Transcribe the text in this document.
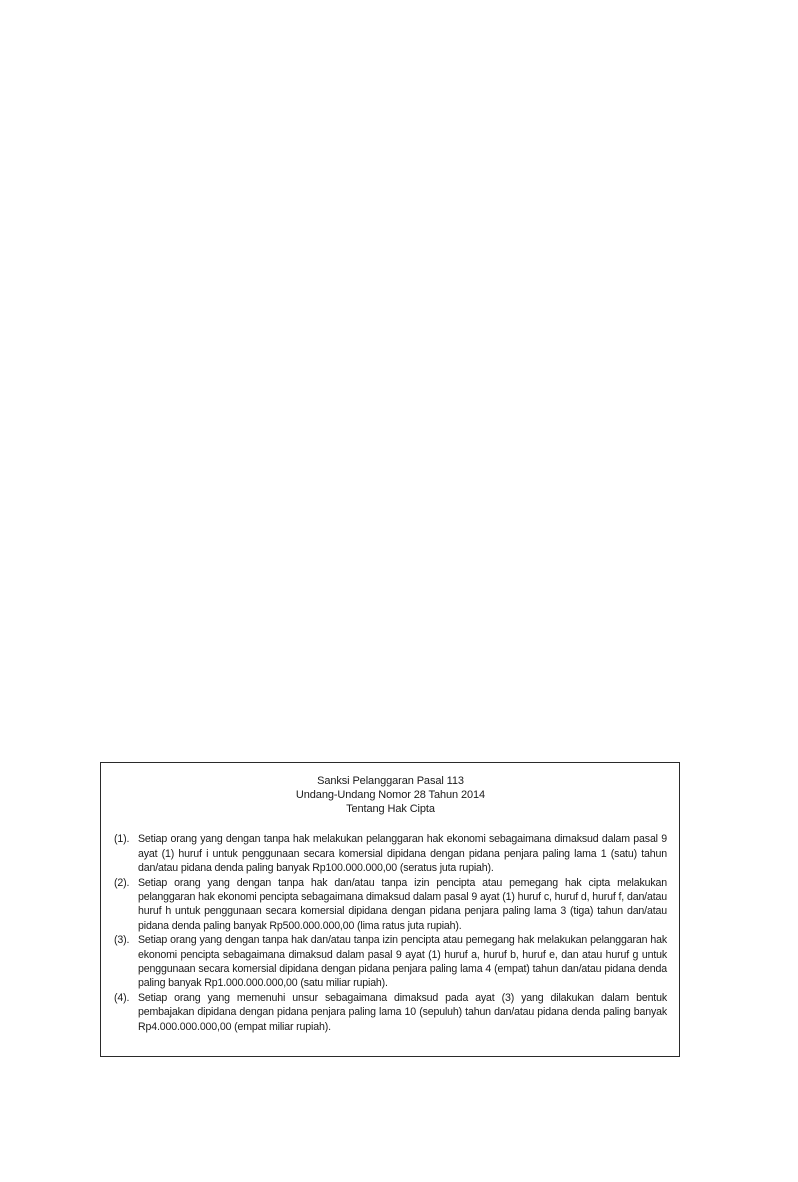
Sanksi Pelanggaran Pasal 113
Undang-Undang Nomor 28 Tahun 2014
Tentang Hak Cipta
(1). Setiap orang yang dengan tanpa hak melakukan pelanggaran hak ekonomi sebagaimana dimaksud dalam pasal 9 ayat (1) huruf i untuk penggunaan secara komersial dipidana dengan pidana penjara paling lama 1 (satu) tahun dan/atau pidana denda paling banyak Rp100.000.000,00 (seratus juta rupiah).
(2). Setiap orang yang dengan tanpa hak dan/atau tanpa izin pencipta atau pemegang hak cipta melakukan pelanggaran hak ekonomi pencipta sebagaimana dimaksud dalam pasal 9 ayat (1) huruf c, huruf d, huruf f, dan/atau huruf h untuk penggunaan secara komersial dipidana dengan pidana penjara paling lama 3 (tiga) tahun dan/atau pidana denda paling banyak Rp500.000.000,00 (lima ratus juta rupiah).
(3). Setiap orang yang dengan tanpa hak dan/atau tanpa izin pencipta atau pemegang hak melakukan pelanggaran hak ekonomi pencipta sebagaimana dimaksud dalam pasal 9 ayat (1) huruf a, huruf b, huruf e, dan atau huruf g untuk penggunaan secara komersial dipidana dengan pidana penjara paling lama 4 (empat) tahun dan/atau pidana denda paling banyak Rp1.000.000.000,00 (satu miliar rupiah).
(4). Setiap orang yang memenuhi unsur sebagaimana dimaksud pada ayat (3) yang dilakukan dalam bentuk pembajakan dipidana dengan pidana penjara paling lama 10 (sepuluh) tahun dan/atau pidana denda paling banyak Rp4.000.000.000,00 (empat miliar rupiah).
